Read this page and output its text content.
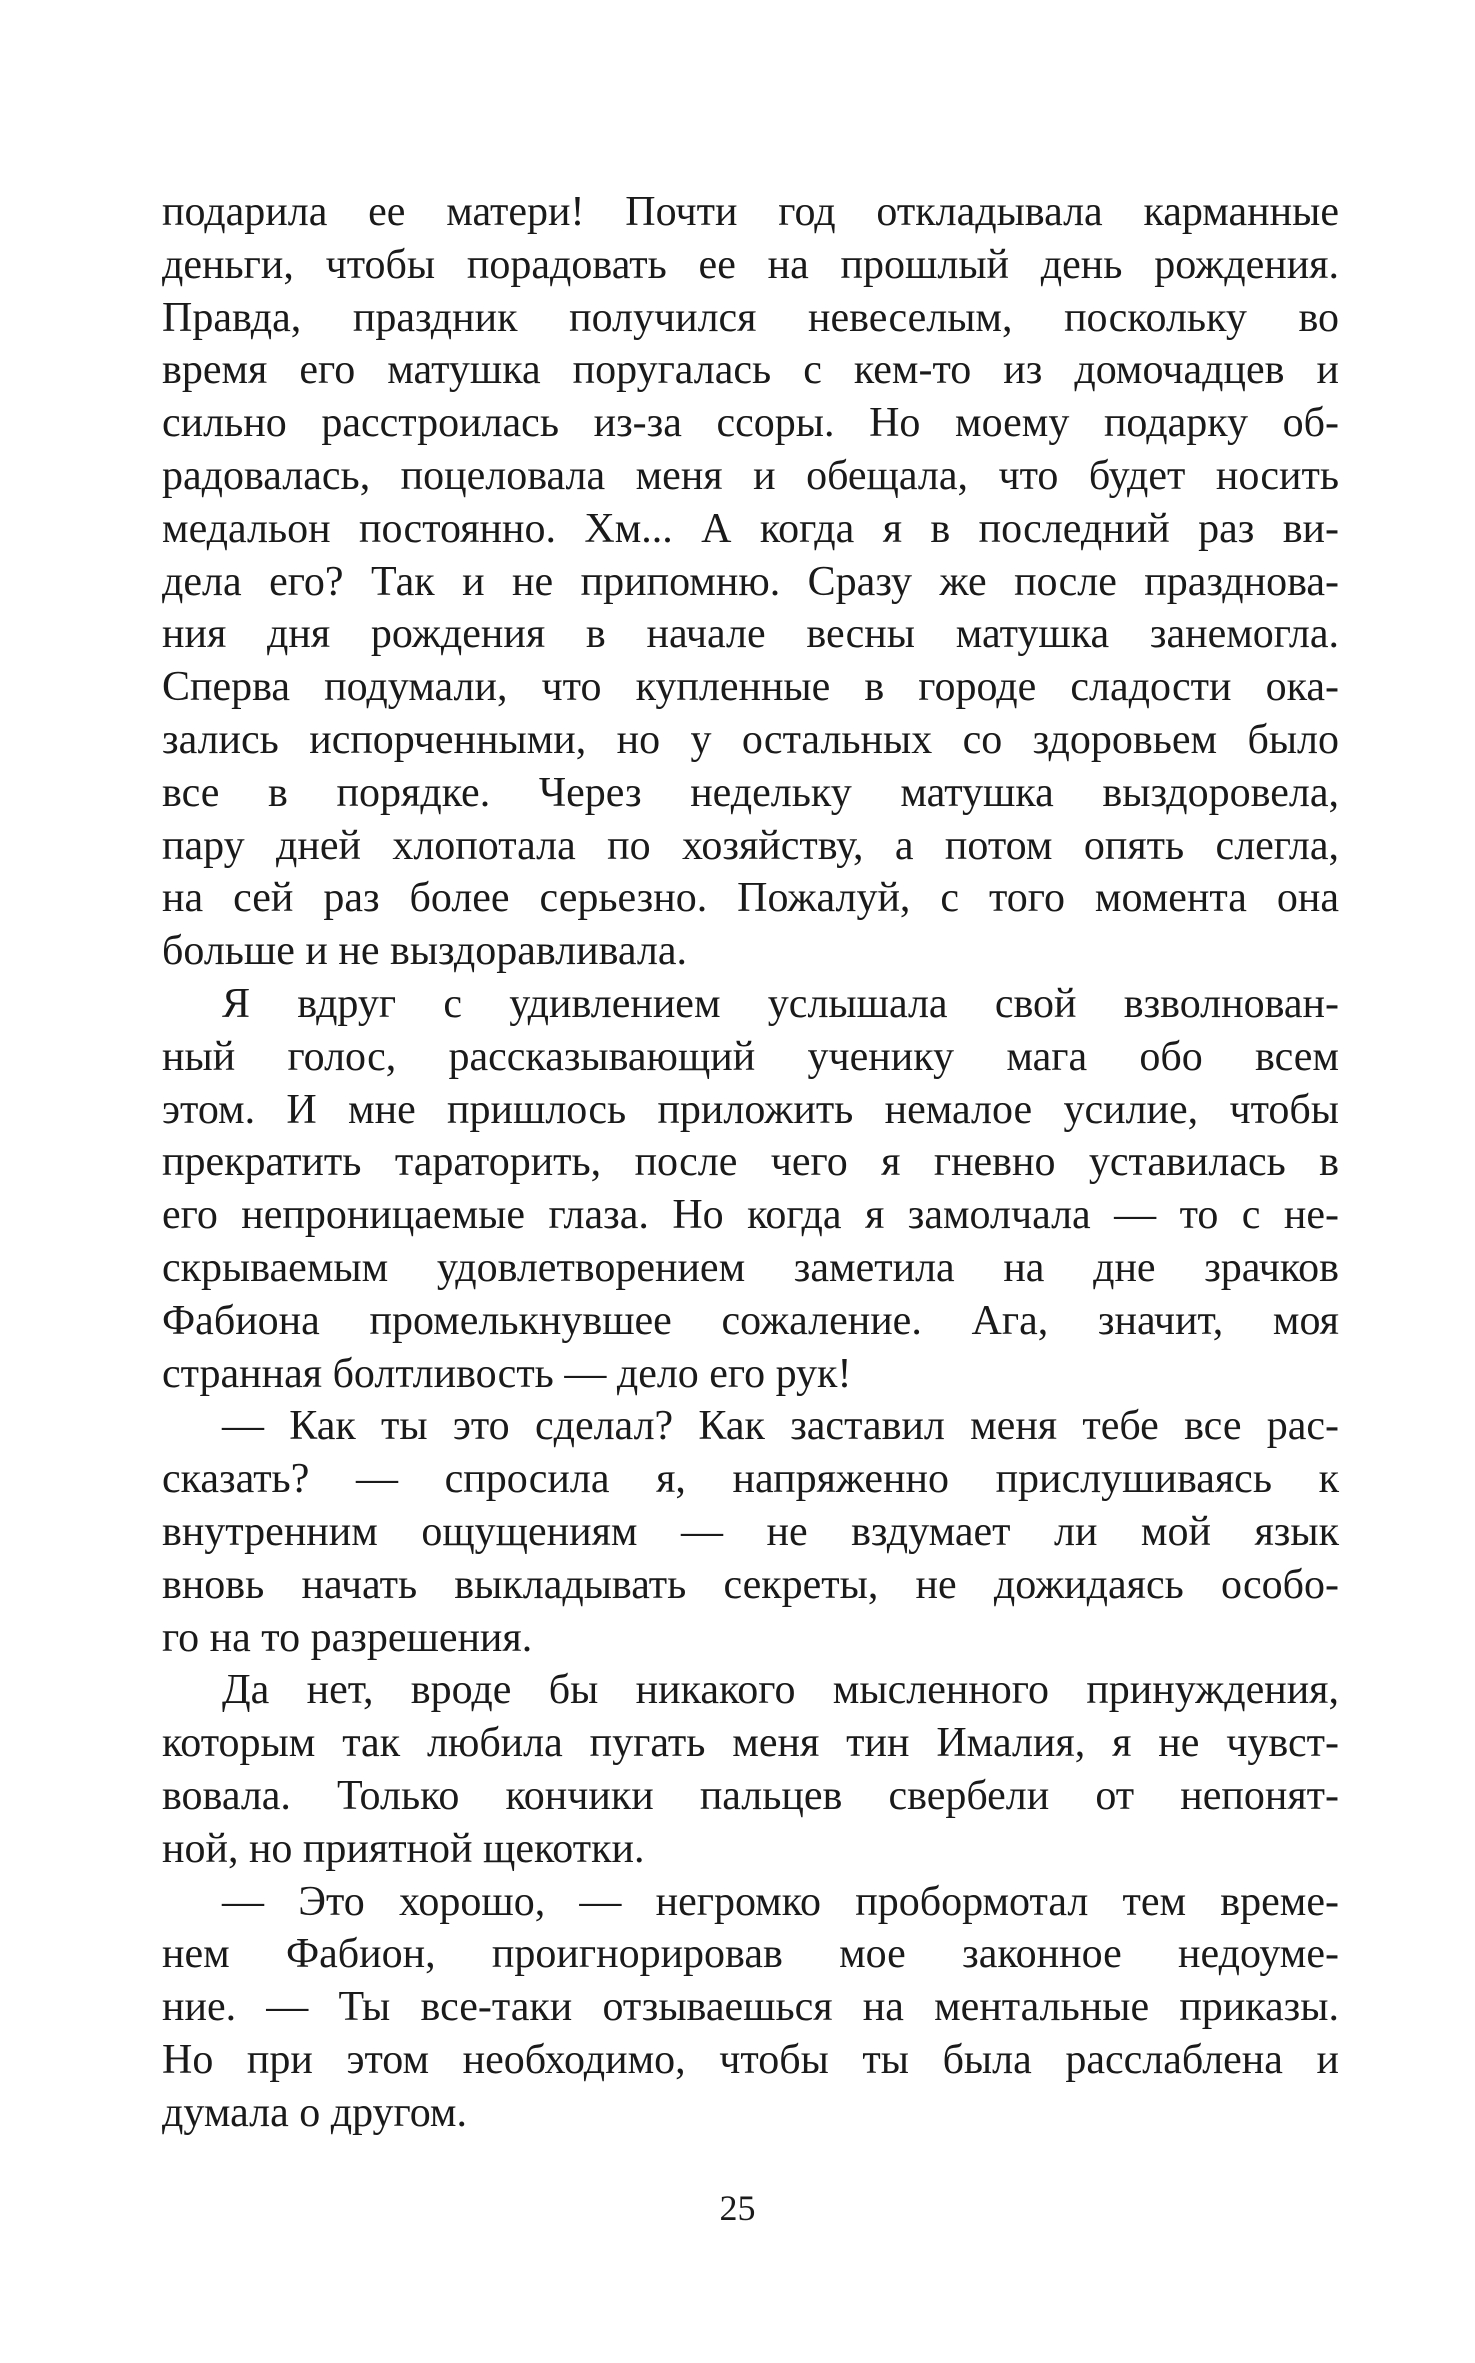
подарила ее матери! Почти год откладывала карманные
деньги, чтобы порадовать ее на прошлый день рождения.
Правда, праздник получился невеселым, поскольку во
время его матушка поругалась с кем-то из домочадцев и
сильно расстроилась из-за ссоры. Но моему подарку об-
радовалась, поцеловала меня и обещала, что будет носить
медальон постоянно. Хм... А когда я в последний раз ви-
дела его? Так и не припомню. Сразу же после празднова-
ния дня рождения в начале весны матушка занемогла.
Сперва подумали, что купленные в городе сладости ока-
зались испорченными, но у остальных со здоровьем было
все в порядке. Через недельку матушка выздоровела,
пару дней хлопотала по хозяйству, а потом опять слегла,
на сей раз более серьезно. Пожалуй, с того момента она
больше и не выздоравливала.
Я вдруг с удивлением услышала свой взволнован-
ный голос, рассказывающий ученику мага обо всем
этом. И мне пришлось приложить немалое усилие, чтобы
прекратить тараторить, после чего я гневно уставилась в
его непроницаемые глаза. Но когда я замолчала — то с не-
скрываемым удовлетворением заметила на дне зрачков
Фабиона промелькнувшее сожаление. Ага, значит, моя
странная болтливость — дело его рук!
— Как ты это сделал? Как заставил меня тебе все рас-
сказать? — спросила я, напряженно прислушиваясь к
внутренним ощущениям — не вздумает ли мой язык
вновь начать выкладывать секреты, не дожидаясь особо-
го на то разрешения.
Да нет, вроде бы никакого мысленного принуждения,
которым так любила пугать меня тин Ималия, я не чувст-
вовала. Только кончики пальцев свербели от непонят-
ной, но приятной щекотки.
— Это хорошо, — негромко пробормотал тем време-
нем Фабион, проигнорировав мое законное недоуме-
ние. — Ты все-таки отзываешься на ментальные приказы.
Но при этом необходимо, чтобы ты была расслаблена и
думала о другом.
25
